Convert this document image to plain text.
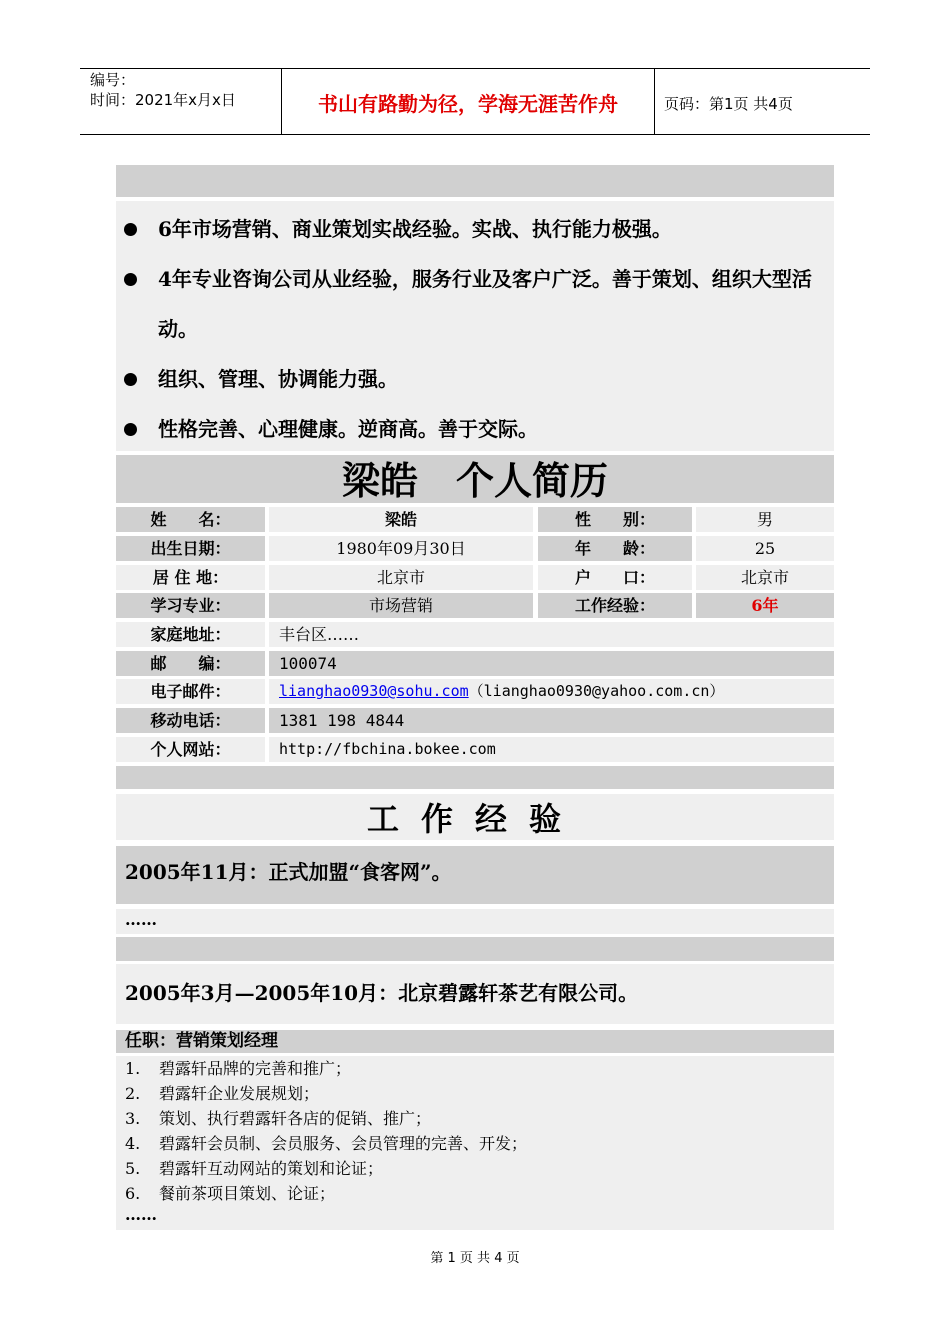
编号：
时间：2021年x月x日	书山有路勤为径，学海无涯苦作舟	页码：第1页 共4页
6年市场营销、商业策划实战经验。实战、执行能力极强。
4年专业咨询公司从业经验，服务行业及客户广泛。善于策划、组织大型活动。
组织、管理、协调能力强。
性格完善、心理健康。逆商高。善于交际。
梁皓　个人简历
姓　　名：	梁皓	性　　别：	男
出生日期：	1980年09月30日	年　　龄：	25
居 住 地：	北京市	户　　口：	北京市
学习专业：	市场营销	工作经验：	6年
家庭地址：	丰台区……
邮　　编：	100074
电子邮件：	lianghao0930@sohu.com（lianghao0930@yahoo.com.cn）
移动电话：	1381 198 4844
个人网站：	http://fbchina.bokee.com
工作经验
2005年11月：正式加盟“食客网”。
……
2005年3月—2005年10月：北京碧露轩茶艺有限公司。
任职：营销策划经理
1. 碧露轩品牌的完善和推广；
2. 碧露轩企业发展规划；
3. 策划、执行碧露轩各店的促销、推广；
4. 碧露轩会员制、会员服务、会员管理的完善、开发；
5. 碧露轩互动网站的策划和论证；
6. 餐前茶项目策划、论证；
……
第 1 页 共 4 页
